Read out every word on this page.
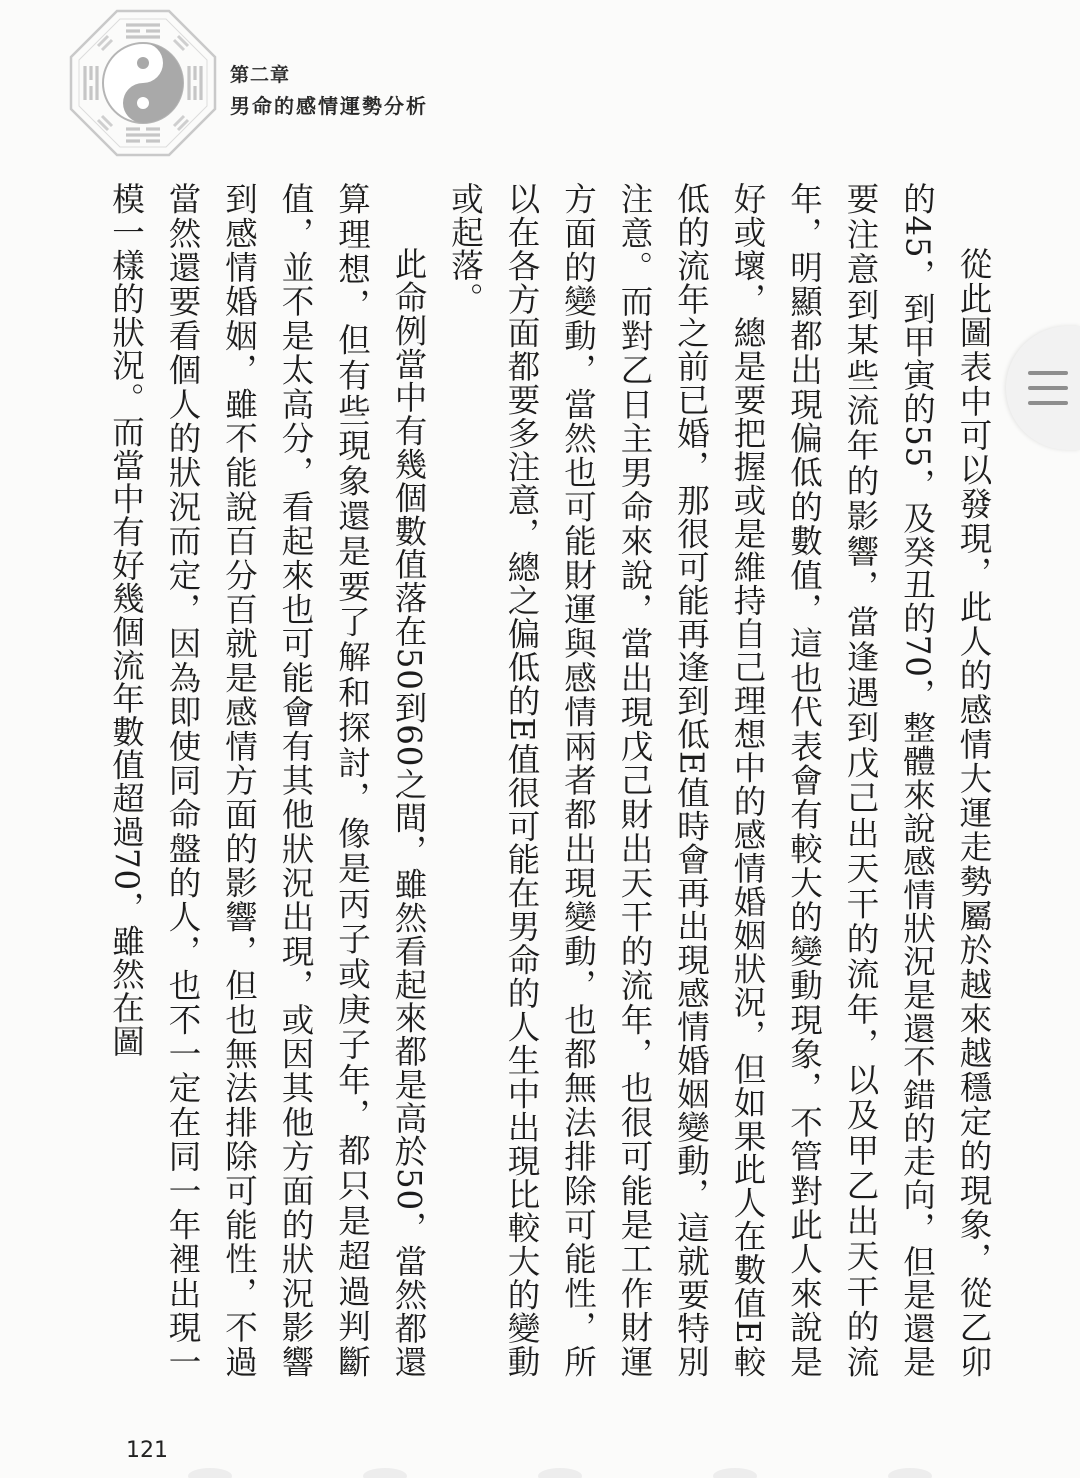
第二章
男命的感情運勢分析

從此圖表中可以發現，此人的感情大運走勢屬於越來越穩定的現象，從乙卯的45，到甲寅的55，及癸丑的70，整體來說感情狀況是還不錯的走向，但是還是要注意到某些流年的影響，當逢遇到戊己出天干的流年，以及甲乙出天干的流年，明顯都出現偏低的數值，這也代表會有較大的變動現象，不管對此人來說是好或壞，總是要把握或是維持自己理想中的感情婚姻狀況，但如果此人在數值E較低的流年之前已婚，那很可能再逢到低E值時會再出現感情婚姻變動，這就要特別注意。而對乙日主男命來說，當出現戊己財出天干的流年，也很可能是工作財運方面的變動，當然也可能財運與感情兩者都出現變動，也都無法排除可能性，所以在各方面都要多注意，總之偏低的E值很可能在男命的人生中出現比較大的變動或起落。

此命例當中有幾個數值落在50到60之間，雖然看起來都是高於50，當然都還算理想，但有些現象還是要了解和探討，像是丙子或庚子年，都只是超過判斷值，並不是太高分，看起來也可能會有其他狀況出現，或因其他方面的狀況影響到感情婚姻，雖不能說百分百就是感情方面的影響，但也無法排除可能性，不過當然還要看個人的狀況而定，因為即使同命盤的人，也不一定在同一年裡出現一模一樣的狀況。而當中有好幾個流年數值超過70，雖然在圖

121
